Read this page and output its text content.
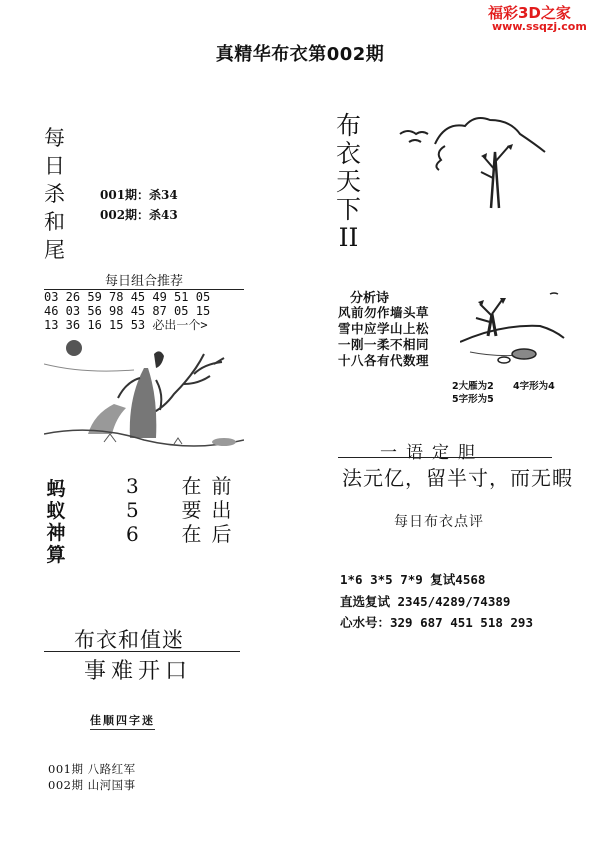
福彩3D之家
www.ssqzj.com
真精华布衣第002期
每
日
杀
和
尾
001期：杀34
002期：杀43
布
衣
天
下
II
每日组合推荐
03 26 59 78 45 49 51 05
46 03 56 98 45 87 05 15
13 36 16 15 53 必出一个>
蚂
蚁
神
算
3 在前
5 要出
6 在后
分析诗
风前勿作墙头草
雪中应学山上松
一刚一柔不相同
十八各有代数理
2大雁为2 4字形为4
5字形为5
一语定胆
法元亿，留半寸，而无暇
每日布衣点评
1*6 3*5 7*9 复试4568
直选复试 2345/4289/74389
心水号：329 687 451 518 293
布衣和值迷
事难开口
佳顺四字迷
001期 八路红军
002期 山河国事
